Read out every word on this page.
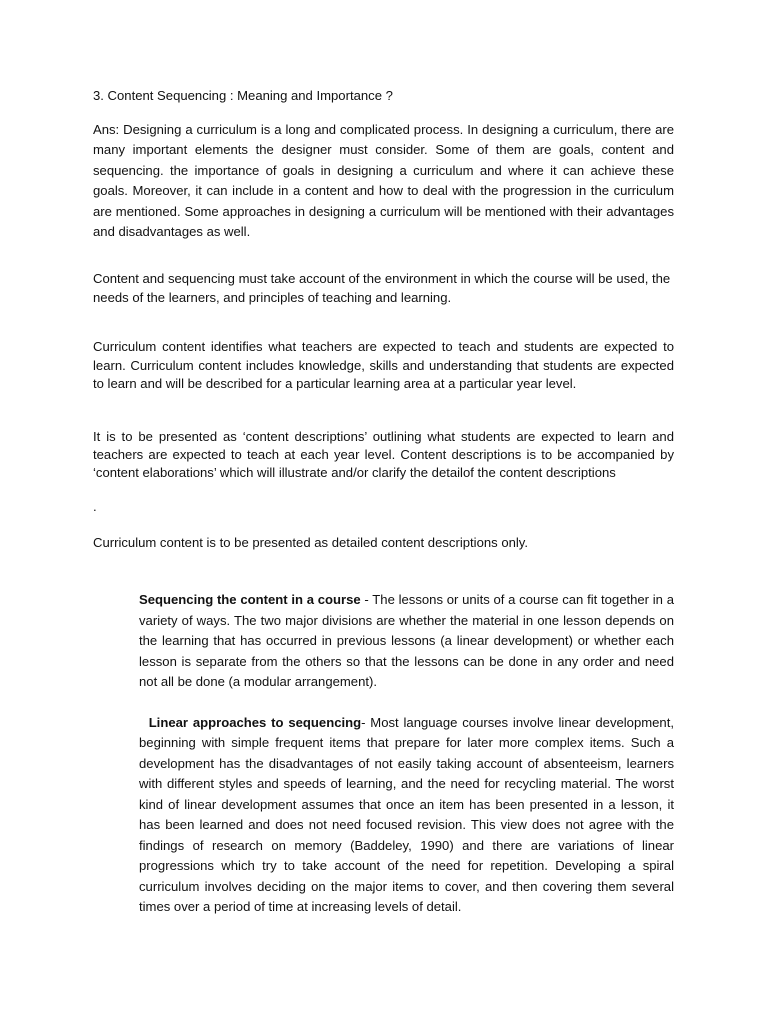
3. Content Sequencing : Meaning and Importance ?

Ans: Designing a curriculum is a long and complicated process. In designing a curriculum, there are many important elements the designer must consider. Some of them are goals, content and sequencing. the importance of goals in designing a curriculum and where it can achieve these goals. Moreover, it can include in a content and how to deal with the progression in the curriculum are mentioned. Some approaches in designing a curriculum will be mentioned with their advantages and disadvantages as well.

Content and sequencing must take account of the environment in which the course will be used, the needs of the learners, and principles of teaching and learning.

Curriculum content identifies what teachers are expected to teach and students are expected to learn. Curriculum content includes knowledge, skills and understanding that students are expected to learn and will be described for a particular learning area at a particular year level.

It is to be presented as ‘content descriptions’ outlining what students are expected to learn and teachers are expected to teach at each year level. Content descriptions is to be accompanied by ‘content elaborations’ which will illustrate and/or clarify the detailof the content descriptions

.

Curriculum content is to be presented as detailed content descriptions only.

Sequencing the content in a course - The lessons or units of a course can fit together in a variety of ways. The two major divisions are whether the material in one lesson depends on the learning that has occurred in previous lessons (a linear development) or whether each lesson is separate from the others so that the lessons can be done in any order and need not all be done (a modular arrangement).

Linear approaches to sequencing- Most language courses involve linear development, beginning with simple frequent items that prepare for later more complex items. Such a development has the disadvantages of not easily taking account of absenteeism, learners with different styles and speeds of learning, and the need for recycling material. The worst kind of linear development assumes that once an item has been presented in a lesson, it has been learned and does not need focused revision. This view does not agree with the findings of research on memory (Baddeley, 1990) and there are variations of linear progressions which try to take account of the need for repetition. Developing a spiral curriculum involves deciding on the major items to cover, and then covering them several times over a period of time at increasing levels of detail.
